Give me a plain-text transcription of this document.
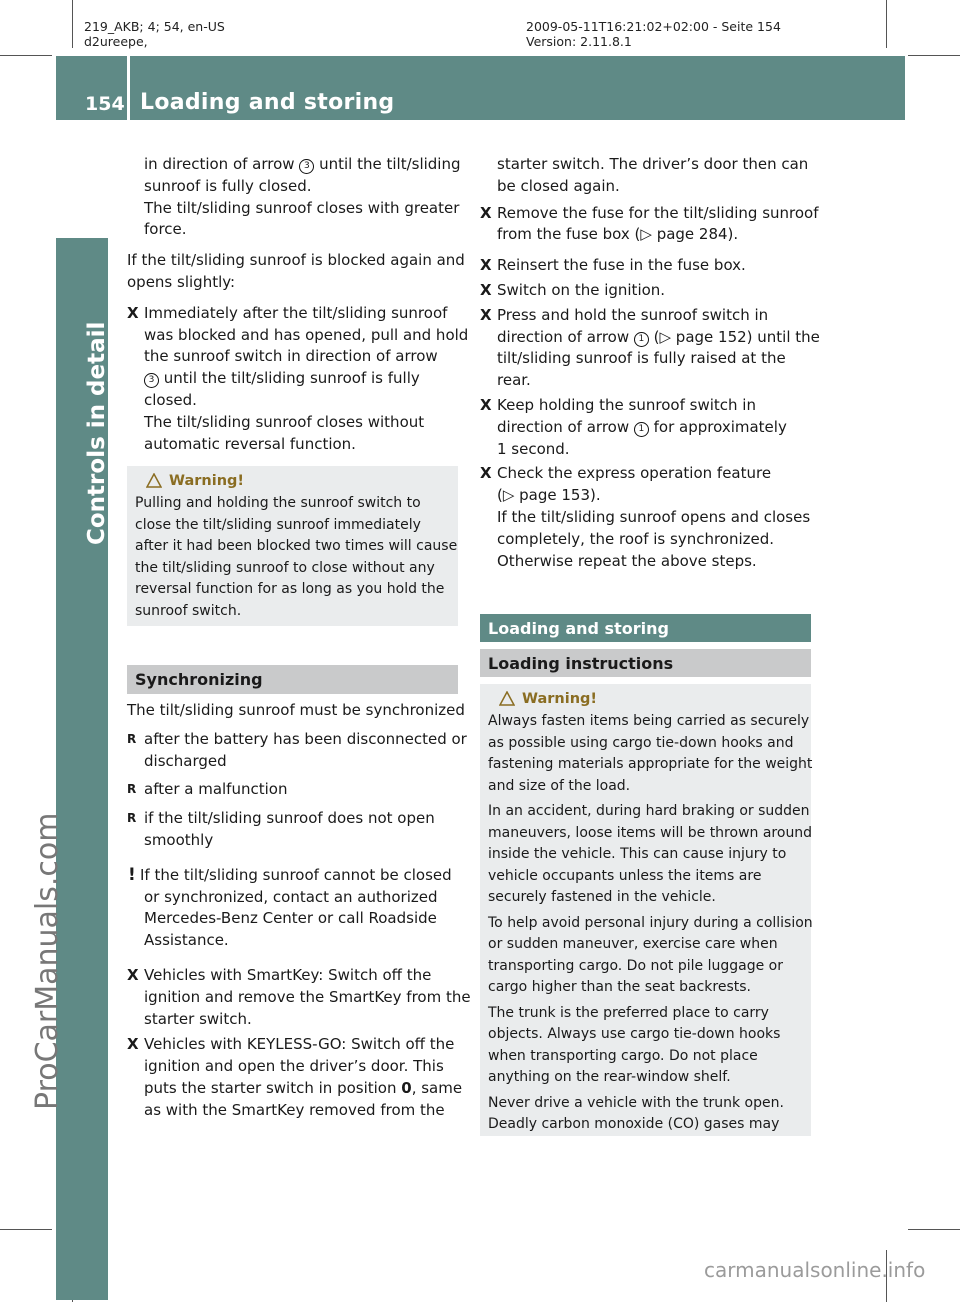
219_AKB; 4; 54, en-US
d2ureepe,
2009-05-11T16:21:02+02:00 - Seite 154
Version: 2.11.8.1
154 Loading and storing
Controls in detail
ProCarManuals.com
carmanualsonline.info
in direction of arrow 3 until the tilt/sliding
sunroof is fully closed.
The tilt/sliding sunroof closes with greater
force.
If the tilt/sliding sunroof is blocked again and
opens slightly:
X Immediately after the tilt/sliding sunroof
was blocked and has opened, pull and hold
the sunroof switch in direction of arrow
3 until the tilt/sliding sunroof is fully
closed.
The tilt/sliding sunroof closes without
automatic reversal function.
Warning!
Pulling and holding the sunroof switch to
close the tilt/sliding sunroof immediately
after it had been blocked two times will cause
the tilt/sliding sunroof to close without any
reversal function for as long as you hold the
sunroof switch.
Synchronizing
The tilt/sliding sunroof must be synchronized
R after the battery has been disconnected or
discharged
R after a malfunction
R if the tilt/sliding sunroof does not open
smoothly
! If the tilt/sliding sunroof cannot be closed
or synchronized, contact an authorized
Mercedes-Benz Center or call Roadside
Assistance.
X Vehicles with SmartKey: Switch off the
ignition and remove the SmartKey from the
starter switch.
X Vehicles with KEYLESS-GO: Switch off the
ignition and open the driver’s door. This
puts the starter switch in position 0, same
as with the SmartKey removed from the
starter switch. The driver’s door then can
be closed again.
X Remove the fuse for the tilt/sliding sunroof
from the fuse box (▷ page 284).
X Reinsert the fuse in the fuse box.
X Switch on the ignition.
X Press and hold the sunroof switch in
direction of arrow 1 (▷ page 152) until the
tilt/sliding sunroof is fully raised at the
rear.
X Keep holding the sunroof switch in
direction of arrow 1 for approximately
1 second.
X Check the express operation feature
(▷ page 153).
If the tilt/sliding sunroof opens and closes
completely, the roof is synchronized.
Otherwise repeat the above steps.
Loading and storing
Loading instructions
Warning!
Always fasten items being carried as securely
as possible using cargo tie-down hooks and
fastening materials appropriate for the weight
and size of the load.
In an accident, during hard braking or sudden
maneuvers, loose items will be thrown around
inside the vehicle. This can cause injury to
vehicle occupants unless the items are
securely fastened in the vehicle.
To help avoid personal injury during a collision
or sudden maneuver, exercise care when
transporting cargo. Do not pile luggage or
cargo higher than the seat backrests.
The trunk is the preferred place to carry
objects. Always use cargo tie-down hooks
when transporting cargo. Do not place
anything on the rear-window shelf.
Never drive a vehicle with the trunk open.
Deadly carbon monoxide (CO) gases may
